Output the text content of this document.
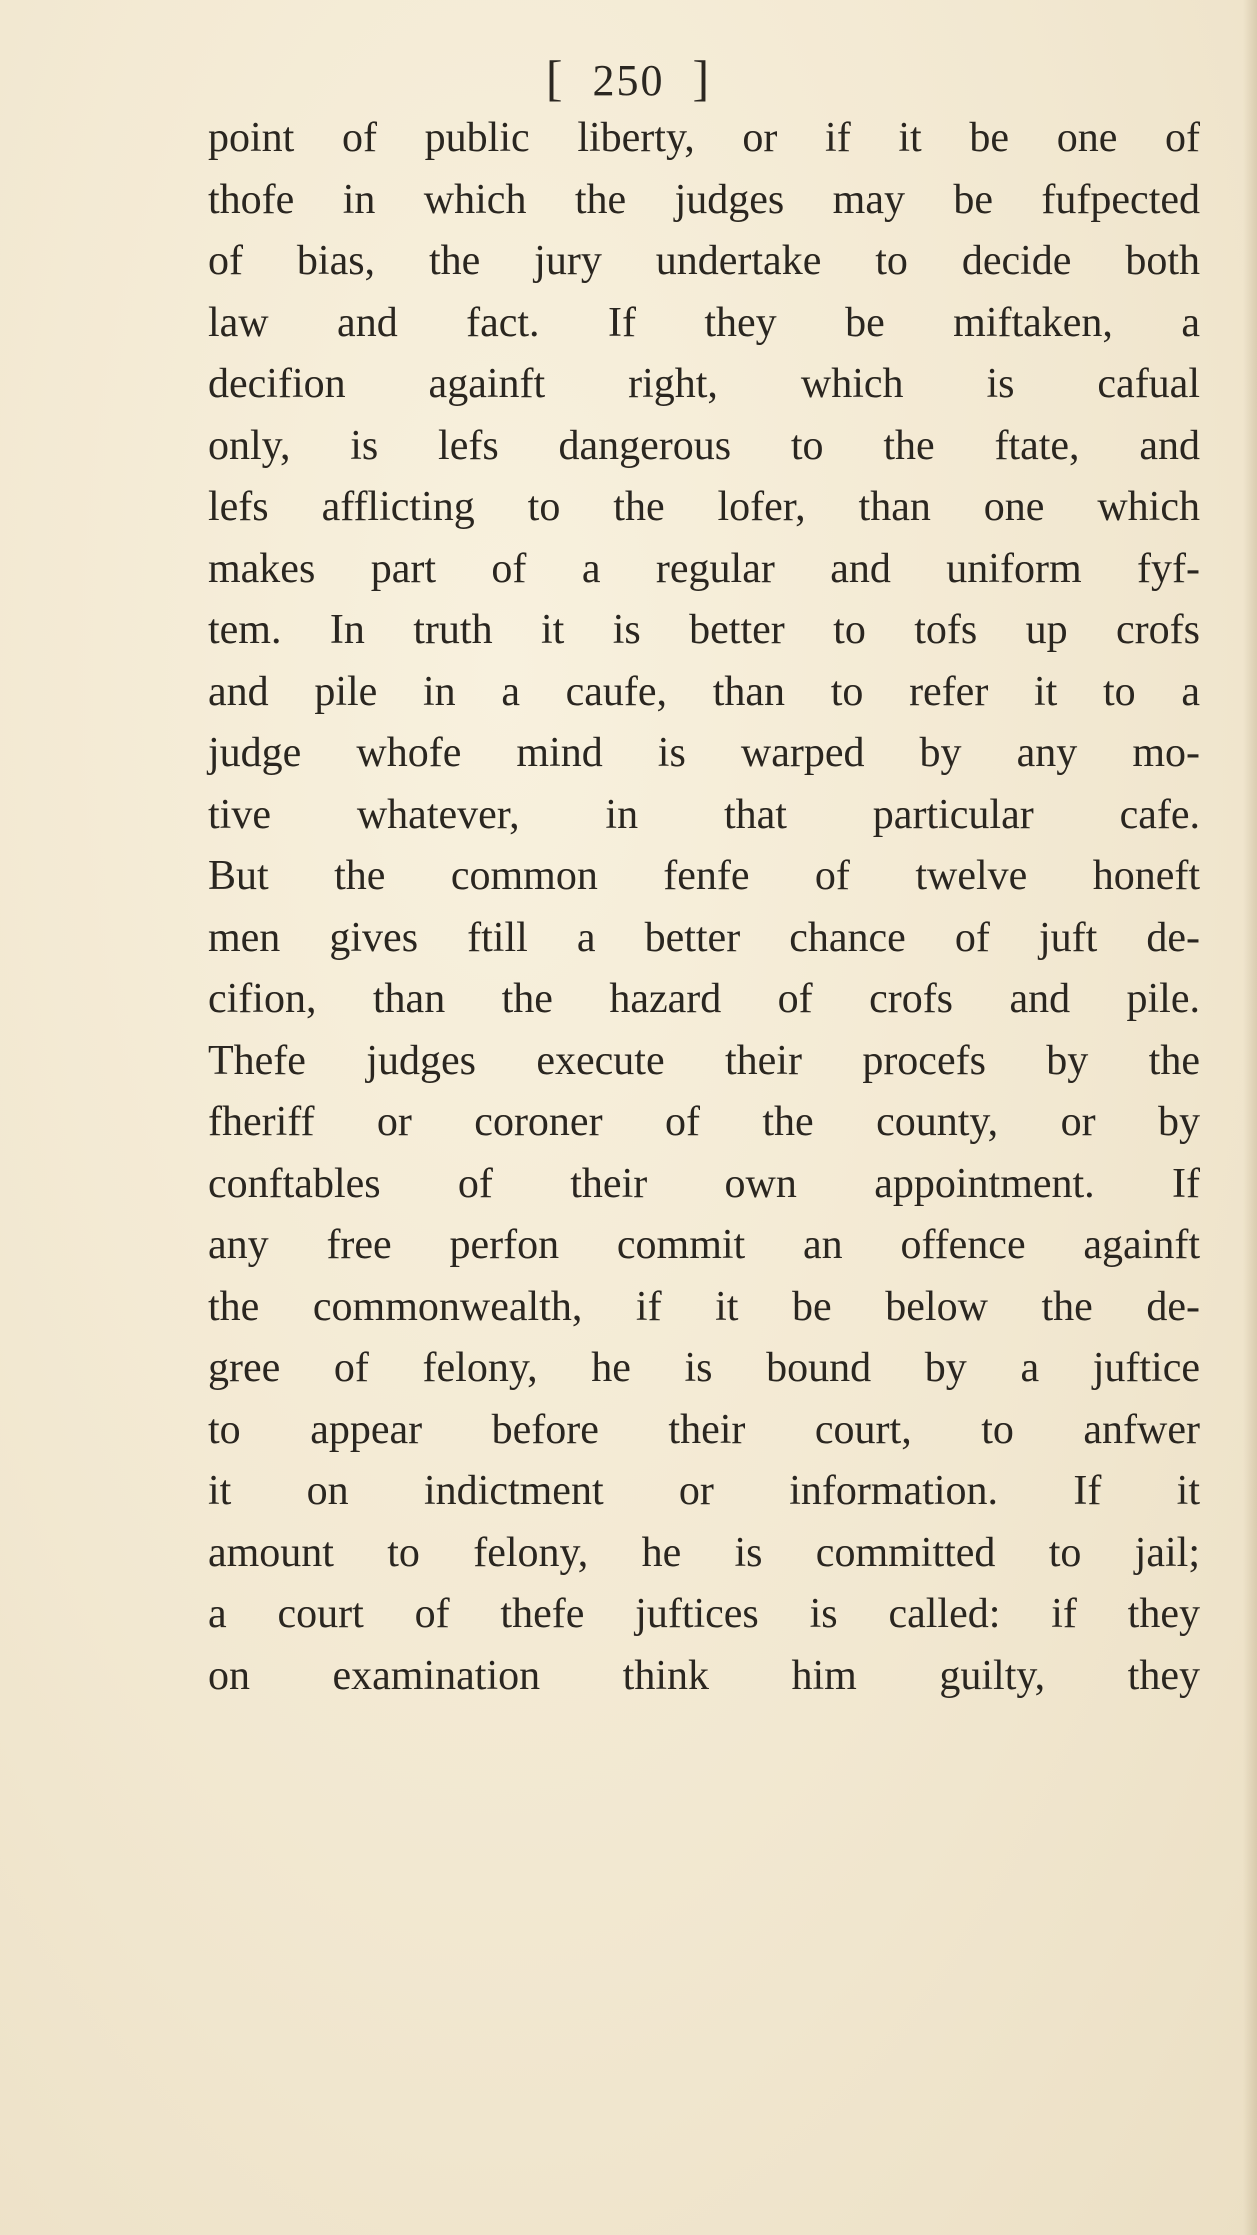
[ 250 ]
point of public liberty, or if it be one of
thofe in which the judges may be fufpected
of bias, the jury undertake to decide both
law and fact. If they be miftaken, a
decifion againft right, which is cafual
only, is lefs dangerous to the ftate, and
lefs afflicting to the lofer, than one which
makes part of a regular and uniform fyf-
tem. In truth it is better to tofs up crofs
and pile in a caufe, than to refer it to a
judge whofe mind is warped by any mo-
tive whatever, in that particular cafe.
But the common fenfe of twelve honeft
men gives ftill a better chance of juft de-
cifion, than the hazard of crofs and pile.
Thefe judges execute their procefs by the
fheriff or coroner of the county, or by
conftables of their own appointment. If
any free perfon commit an offence againft
the commonwealth, if it be below the de-
gree of felony, he is bound by a juftice
to appear before their court, to anfwer
it on indictment or information. If it
amount to felony, he is committed to jail;
a court of thefe juftices is called: if they
on examination think him guilty, they
